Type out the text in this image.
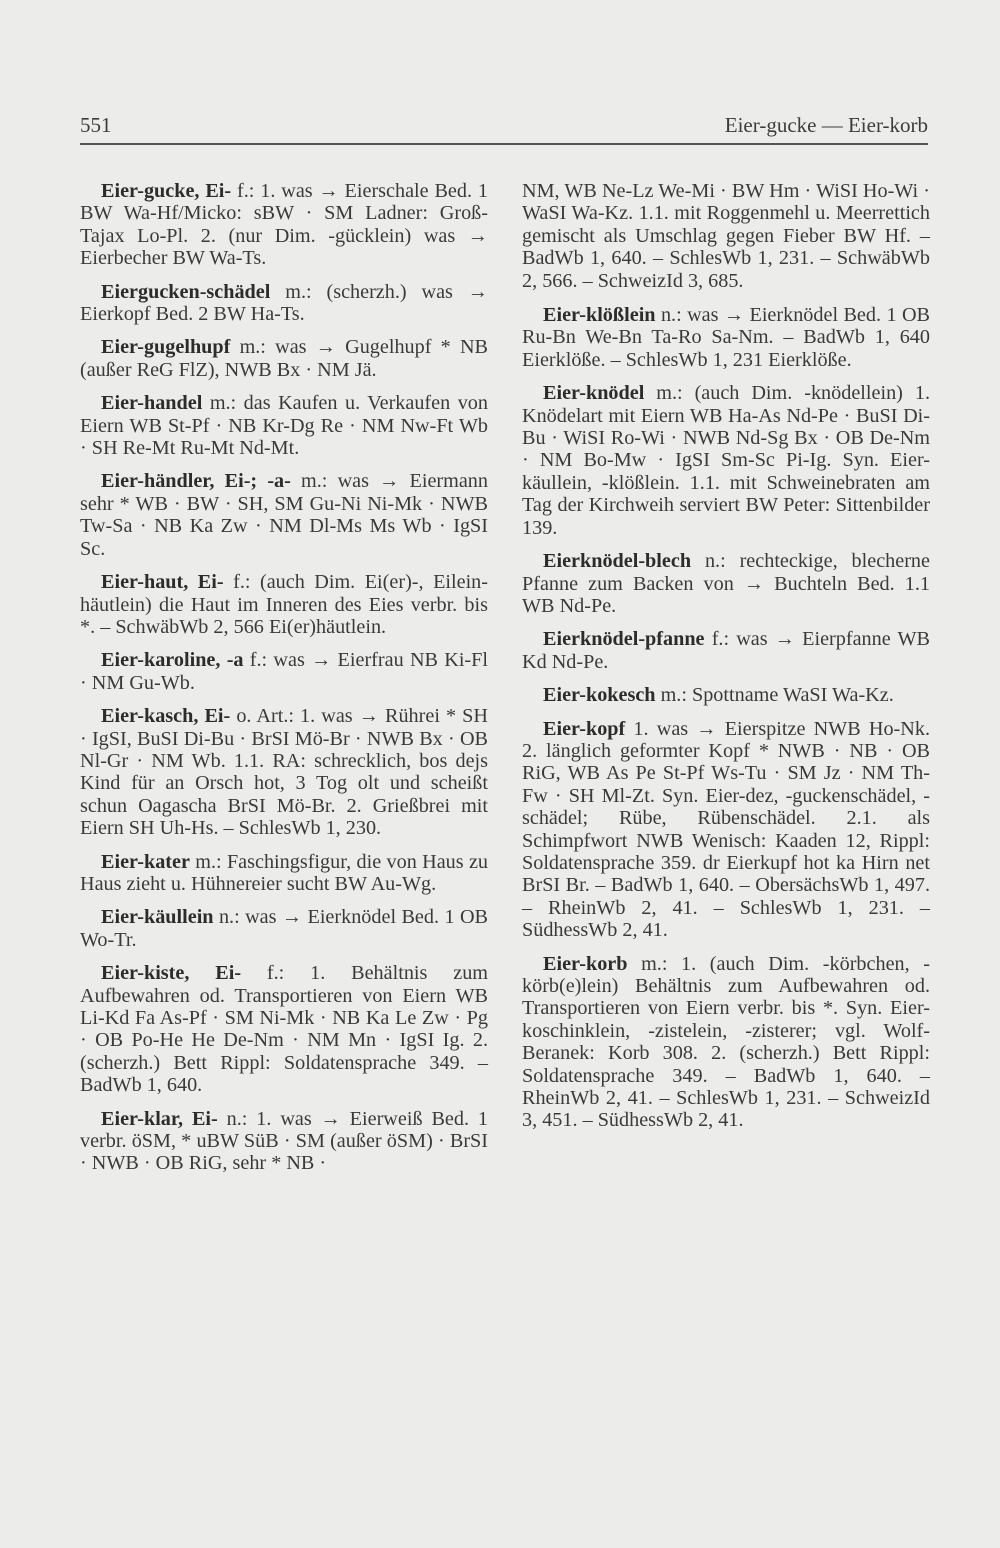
551	Eier-gucke — Eier-korb

Eier-gucke, Ei- f.: 1. was → Eierschale Bed. 1 BW Wa-Hf/Micko: sBW · SM Ladner: Groß-Tajax Lo-Pl. 2. (nur Dim. -gücklein) was → Eierbecher BW Wa-Ts.

Eiergucken-schädel m.: (scherzh.) was → Eierkopf Bed. 2 BW Ha-Ts.

Eier-gugelhupf m.: was → Gugelhupf * NB (außer ReG FlZ), NWB Bx · NM Jä.

Eier-handel m.: das Kaufen u. Verkaufen von Eiern WB St-Pf · NB Kr-Dg Re · NM Nw-Ft Wb · SH Re-Mt Ru-Mt Nd-Mt.

Eier-händler, Ei-; -a- m.: was → Eiermann sehr * WB · BW · SH, SM Gu-Ni Ni-Mk · NWB Tw-Sa · NB Ka Zw · NM Dl-Ms Ms Wb · IgSI Sc.

Eier-haut, Ei- f.: (auch Dim. Ei(er)-, Eilein-häutlein) die Haut im Inneren des Eies verbr. bis *. – SchwäbWb 2, 566 Ei(er)häutlein.

Eier-karoline, -a f.: was → Eierfrau NB Ki-Fl · NM Gu-Wb.

Eier-kasch, Ei- o. Art.: 1. was → Rührei * SH · IgSI, BuSI Di-Bu · BrSI Mö-Br · NWB Bx · OB Nl-Gr · NM Wb. 1.1. RA: schrecklich, bos dejs Kind für an Orsch hot, 3 Tog olt und scheißt schun Oagascha BrSI Mö-Br. 2. Grießbrei mit Eiern SH Uh-Hs. – SchlesWb 1, 230.

Eier-kater m.: Faschingsfigur, die von Haus zu Haus zieht u. Hühnereier sucht BW Au-Wg.

Eier-käullein n.: was → Eierknödel Bed. 1 OB Wo-Tr.

Eier-kiste, Ei- f.: 1. Behältnis zum Aufbewahren od. Transportieren von Eiern WB Li-Kd Fa As-Pf · SM Ni-Mk · NB Ka Le Zw · Pg · OB Po-He He De-Nm · NM Mn · IgSI Ig. 2. (scherzh.) Bett Rippl: Soldatensprache 349. – BadWb 1, 640.

Eier-klar, Ei- n.: 1. was → Eierweiß Bed. 1 verbr. öSM, * uBW SüB · SM (außer öSM) · BrSI · NWB · OB RiG, sehr * NB ·

NM, WB Ne-Lz We-Mi · BW Hm · WiSI Ho-Wi · WaSI Wa-Kz. 1.1. mit Roggenmehl u. Meerrettich gemischt als Umschlag gegen Fieber BW Hf. – BadWb 1, 640. – SchlesWb 1, 231. – SchwäbWb 2, 566. – SchweizId 3, 685.

Eier-klößlein n.: was → Eierknödel Bed. 1 OB Ru-Bn We-Bn Ta-Ro Sa-Nm. – BadWb 1, 640 Eierklöße. – SchlesWb 1, 231 Eierklöße.

Eier-knödel m.: (auch Dim. -knödellein) 1. Knödelart mit Eiern WB Ha-As Nd-Pe · BuSI Di-Bu · WiSI Ro-Wi · NWB Nd-Sg Bx · OB De-Nm · NM Bo-Mw · IgSI Sm-Sc Pi-Ig. Syn. Eier-käullein, -klößlein. 1.1. mit Schweinebraten am Tag der Kirchweih serviert BW Peter: Sittenbilder 139.

Eierknödel-blech n.: rechteckige, blecherne Pfanne zum Backen von → Buchteln Bed. 1.1 WB Nd-Pe.

Eierknödel-pfanne f.: was → Eierpfanne WB Kd Nd-Pe.

Eier-kokesch m.: Spottname WaSI Wa-Kz.

Eier-kopf 1. was → Eierspitze NWB Ho-Nk. 2. länglich geformter Kopf * NWB · NB · OB RiG, WB As Pe St-Pf Ws-Tu · SM Jz · NM Th-Fw · SH Ml-Zt. Syn. Eier-dez, -guckenschädel, -schädel; Rübe, Rübenschädel. 2.1. als Schimpfwort NWB Wenisch: Kaaden 12, Rippl: Soldatensprache 359. dr Eierkupf hot ka Hirn net BrSI Br. – BadWb 1, 640. – ObersächsWb 1, 497. – RheinWb 2, 41. – SchlesWb 1, 231. – SüdhessWb 2, 41.

Eier-korb m.: 1. (auch Dim. -körbchen, -körb(e)lein) Behältnis zum Aufbewahren od. Transportieren von Eiern verbr. bis *. Syn. Eier-koschinklein, -zistelein, -zisterer; vgl. Wolf-Beranek: Korb 308. 2. (scherzh.) Bett Rippl: Soldatensprache 349. – BadWb 1, 640. – RheinWb 2, 41. – SchlesWb 1, 231. – SchweizId 3, 451. – SüdhessWb 2, 41.
